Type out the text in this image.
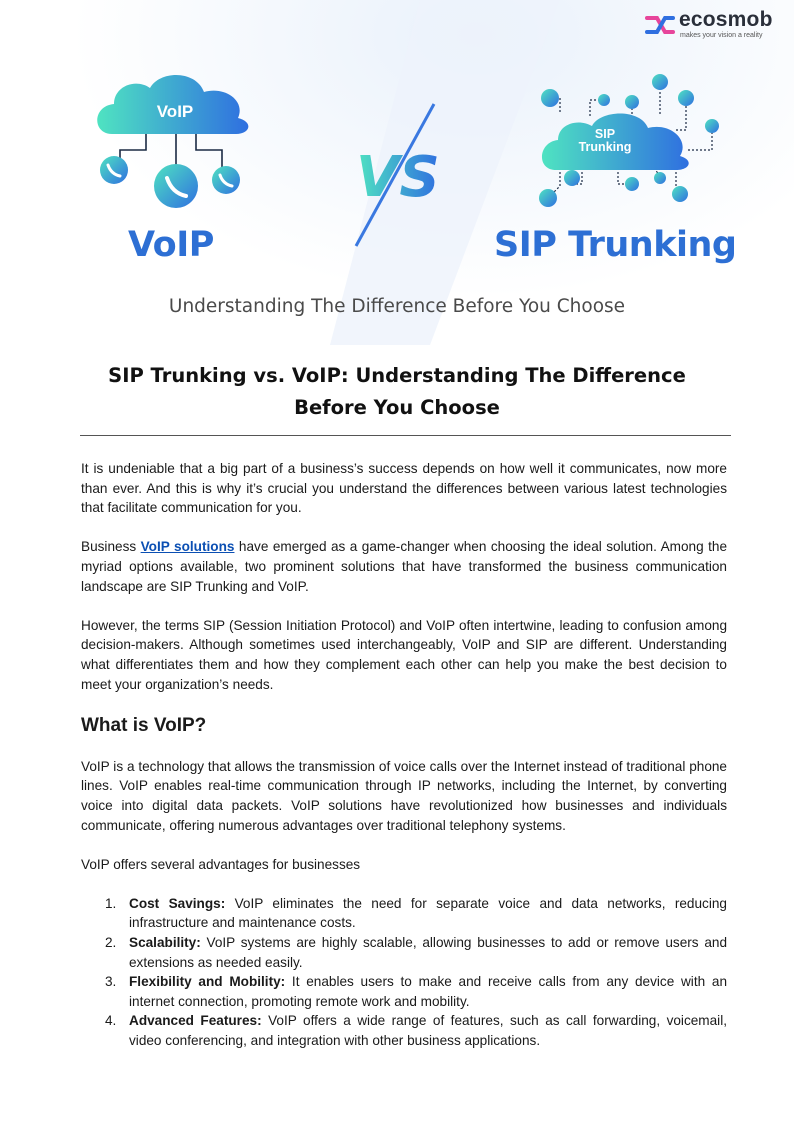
VS
VoIP
SIP
Trunking
ecosmob
makes your vision a reality
VoIP	SIP Trunking
Understanding The Difference Before You Choose
SIP Trunking vs. VoIP: Understanding The Difference Before You Choose

It is undeniable that a big part of a business’s success depends on how well it communicates, now more than ever. And this is why it’s crucial you understand the differences between various latest technologies that facilitate communication for you.

Business VoIP solutions have emerged as a game-changer when choosing the ideal solution. Among the myriad options available, two prominent solutions that have transformed the business communication landscape are SIP Trunking and VoIP.

However, the terms SIP (Session Initiation Protocol) and VoIP often intertwine, leading to confusion among decision-makers. Although sometimes used interchangeably, VoIP and SIP are different. Understanding what differentiates them and how they complement each other can help you make the best decision to meet your organization’s needs.

What is VoIP?

VoIP is a technology that allows the transmission of voice calls over the Internet instead of traditional phone lines. VoIP enables real-time communication through IP networks, including the Internet, by converting voice into digital data packets. VoIP solutions have revolutionized how businesses and individuals communicate, offering numerous advantages over traditional telephony systems.

VoIP offers several advantages for businesses

1. Cost Savings: VoIP eliminates the need for separate voice and data networks, reducing infrastructure and maintenance costs.
2. Scalability: VoIP systems are highly scalable, allowing businesses to add or remove users and extensions as needed easily.
3. Flexibility and Mobility: It enables users to make and receive calls from any device with an internet connection, promoting remote work and mobility.
4. Advanced Features: VoIP offers a wide range of features, such as call forwarding, voicemail, video conferencing, and integration with other business applications.
